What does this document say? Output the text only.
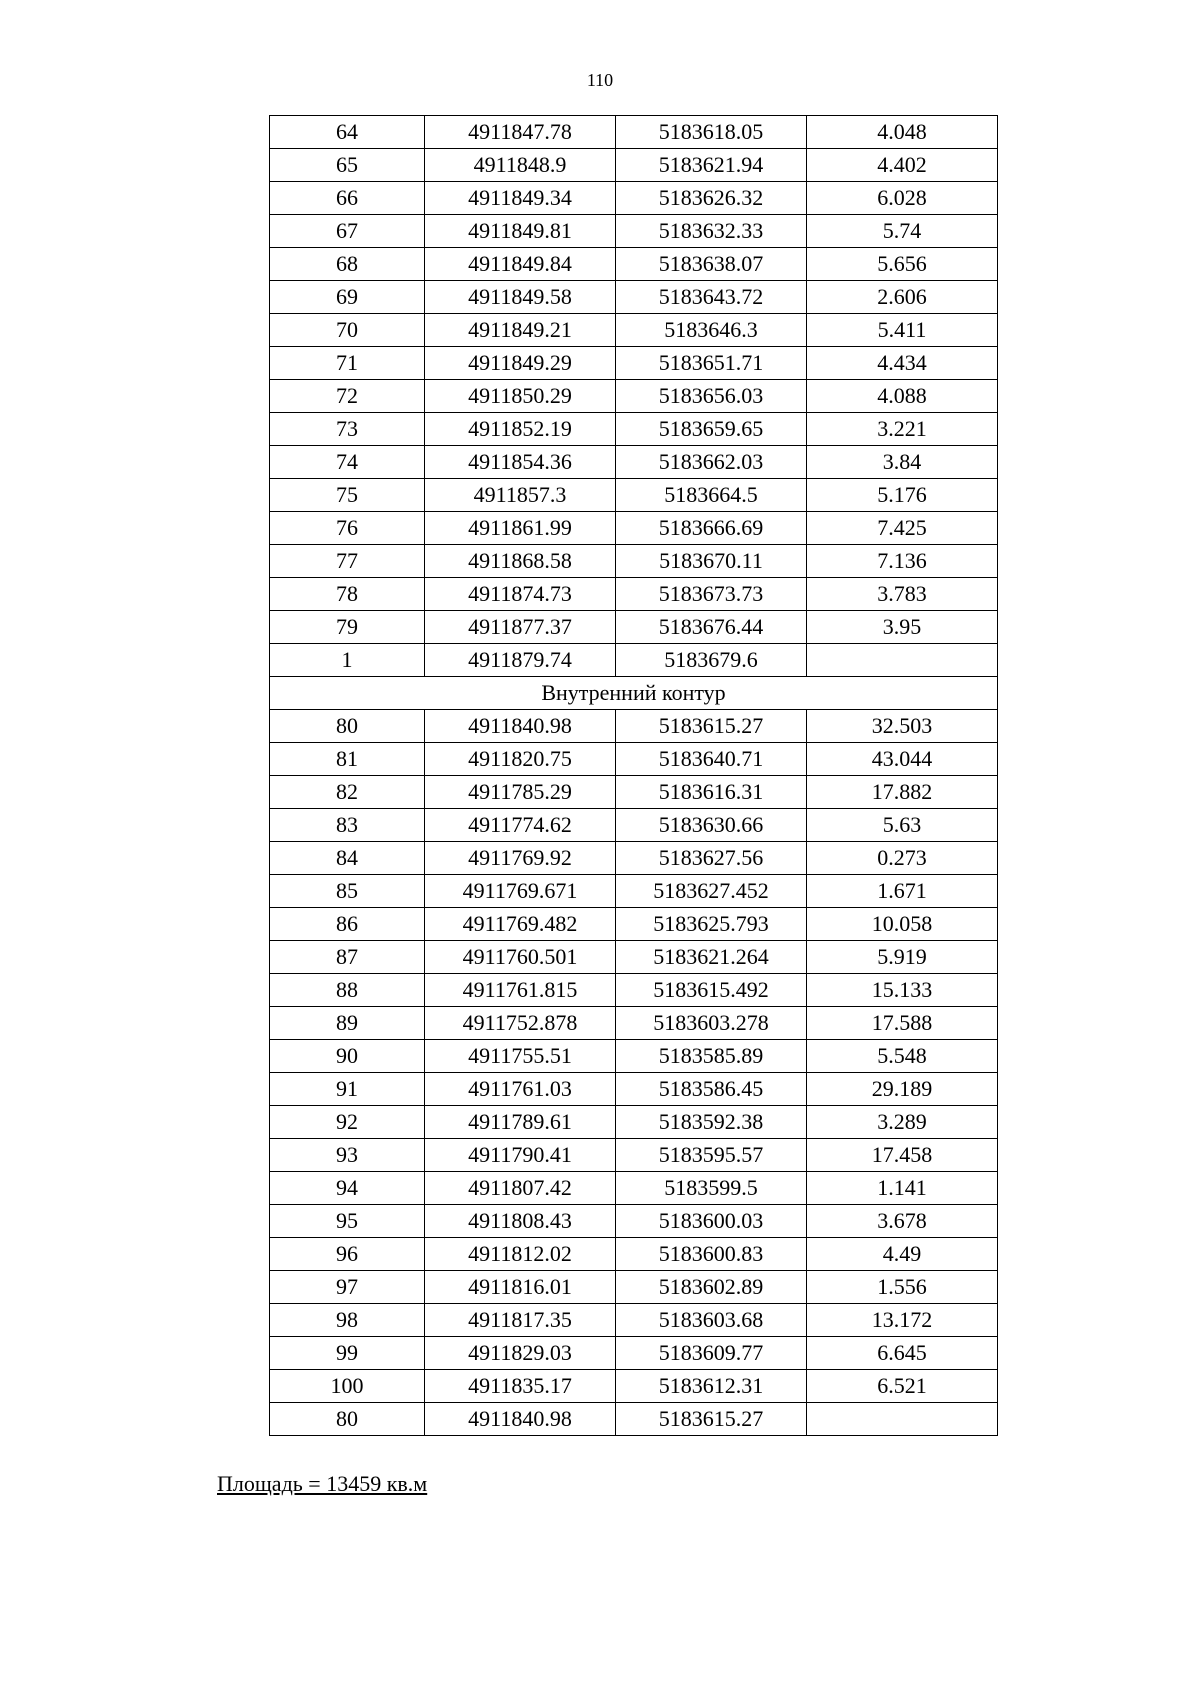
110
64	4911847.78	5183618.05	4.048
65	4911848.9	5183621.94	4.402
66	4911849.34	5183626.32	6.028
67	4911849.81	5183632.33	5.74
68	4911849.84	5183638.07	5.656
69	4911849.58	5183643.72	2.606
70	4911849.21	5183646.3	5.411
71	4911849.29	5183651.71	4.434
72	4911850.29	5183656.03	4.088
73	4911852.19	5183659.65	3.221
74	4911854.36	5183662.03	3.84
75	4911857.3	5183664.5	5.176
76	4911861.99	5183666.69	7.425
77	4911868.58	5183670.11	7.136
78	4911874.73	5183673.73	3.783
79	4911877.37	5183676.44	3.95
1	4911879.74	5183679.6	
Внутренний контур			
80	4911840.98	5183615.27	32.503
81	4911820.75	5183640.71	43.044
82	4911785.29	5183616.31	17.882
83	4911774.62	5183630.66	5.63
84	4911769.92	5183627.56	0.273
85	4911769.671	5183627.452	1.671
86	4911769.482	5183625.793	10.058
87	4911760.501	5183621.264	5.919
88	4911761.815	5183615.492	15.133
89	4911752.878	5183603.278	17.588
90	4911755.51	5183585.89	5.548
91	4911761.03	5183586.45	29.189
92	4911789.61	5183592.38	3.289
93	4911790.41	5183595.57	17.458
94	4911807.42	5183599.5	1.141
95	4911808.43	5183600.03	3.678
96	4911812.02	5183600.83	4.49
97	4911816.01	5183602.89	1.556
98	4911817.35	5183603.68	13.172
99	4911829.03	5183609.77	6.645
100	4911835.17	5183612.31	6.521
80	4911840.98	5183615.27	
Площадь = 13459 кв.м
